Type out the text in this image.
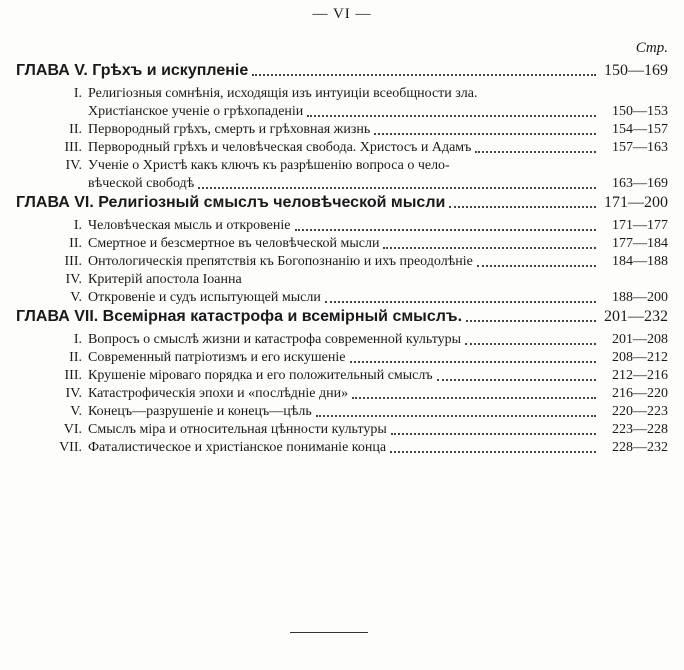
— VI —
Стр.
ГЛАВА V. Грѣхъ и искупленіе	150—169
I. Религіозныя сомнѣнія, исходящія изъ интуиціи всеобщности зла.
Христіанское ученіе о грѣхопаденіи	150—153
II. Первородный грѣхъ, смерть и грѣховная жизнь	154—157
III. Первородный грѣхъ и человѣческая свобода. Христосъ и Адамъ	157—163
IV. Ученіе о Христѣ какъ ключъ къ разрѣшенію вопроса о чело-
вѣческой свободѣ	163—169
ГЛАВА VI. Религіозный смыслъ человѣческой мысли	171—200
I. Человѣческая мысль и откровеніе	171—177
II. Смертное и безсмертное въ человѣческой мысли	177—184
III. Онтологическія препятствія къ Богопознанію и ихъ преодолѣніе	184—188
IV. Критерій апостола Іоанна
V. Откровеніе и судъ испытующей мысли	188—200
ГЛАВА VII. Всемірная катастрофа и всемірный смыслъ.	201—232
I. Вопросъ о смыслѣ жизни и катастрофа современной культуры	201—208
II. Современный патріотизмъ и его искушеніе	208—212
III. Крушеніе міроваго порядка и его положительный смыслъ	212—216
IV. Катастрофическія эпохи и «послѣдніе дни»	216—220
V. Конецъ—разрушеніе и конецъ—цѣль	220—223
VI. Смыслъ міра и относительная цѣнности культуры	223—228
VII. Фаталистическое и христіанское пониманіе конца	228—232
